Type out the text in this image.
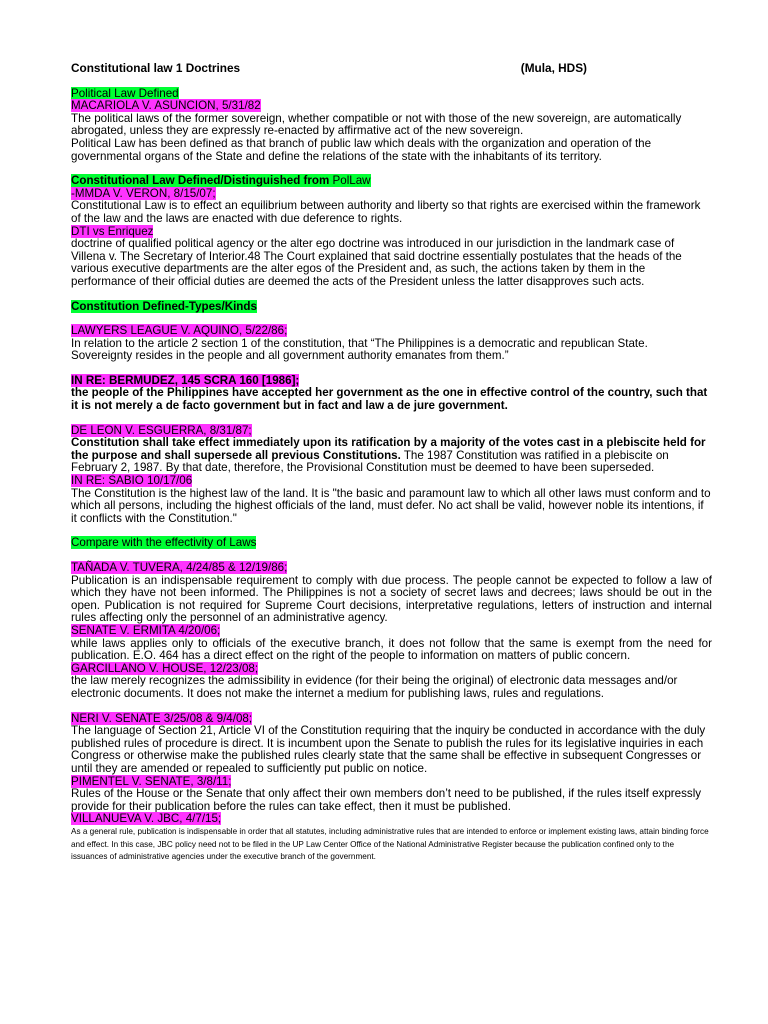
Constitutional law 1 Doctrines	(Mula, HDS)
Political Law Defined
MACARIOLA V. ASUNCION, 5/31/82

The political laws of the former sovereign, whether compatible or not with those of the new sovereign, are automatically abrogated, unless they are expressly re-enacted by affirmative act of the new sovereign.

Political Law has been defined as that branch of public law which deals with the organization and operation of the governmental organs of the State and define the relations of the state with the inhabitants of its territory.

Constitutional Law Defined/Distinguished from PolLaw
-MMDA V. VERON, 8/15/07;

Constitutional Law is to effect an equilibrium between authority and liberty so that rights are exercised within the framework of the law and the laws are enacted with due deference to rights.

DTI vs Enriquez

doctrine of qualified political agency or the alter ego doctrine was introduced in our jurisdiction in the landmark case of Villena v. The Secretary of Interior.48 The Court explained that said doctrine essentially postulates that the heads of the various executive departments are the alter egos of the President and, as such, the actions taken by them in the performance of their official duties are deemed the acts of the President unless the latter disapproves such acts.

Constitution Defined-Types/Kinds
LAWYERS LEAGUE V. AQUINO, 5/22/86;

In relation to the article 2 section 1 of the constitution, that “The Philippines is a democratic and republican State. Sovereignty resides in the people and all government authority emanates from them.”

IN RE: BERMUDEZ, 145 SCRA 160 [1986];

the people of the Philippines have accepted her government as the one in effective control of the country, such that it is not merely a de facto government but in fact and law a de jure government.

DE LEON V. ESGUERRA, 8/31/87;

Constitution shall take effect immediately upon its ratification by a majority of the votes cast in a plebiscite held for the purpose and shall supersede all previous Constitutions. The 1987 Constitution was ratified in a plebiscite on February 2, 1987. By that date, therefore, the Provisional Constitution must be deemed to have been superseded.

IN RE: SABIO 10/17/06

The Constitution is the highest law of the land. It is "the basic and paramount law to which all other laws must conform and to which all persons, including the highest officials of the land, must defer. No act shall be valid, however noble its intentions, if it conflicts with the Constitution."

Compare with the effectivity of Laws
TAÑADA V. TUVERA, 4/24/85 & 12/19/86;

Publication is an indispensable requirement to comply with due process. The people cannot be expected to follow a law of which they have not been informed. The Philippines is not a society of secret laws and decrees; laws should be out in the open. Publication is not required for Supreme Court decisions, interpretative regulations, letters of instruction and internal rules affecting only the personnel of an administrative agency.

SENATE V. ERMITA 4/20/06;

while laws applies only to officials of the executive branch, it does not follow that the same is exempt from the need for publication. E.O. 464 has a direct effect on the right of the people to information on matters of public concern.

GARCILLANO V. HOUSE, 12/23/08;

the law merely recognizes the admissibility in evidence (for their being the original) of electronic data messages and/or electronic documents. It does not make the internet a medium for publishing laws, rules and regulations.

NERI V. SENATE 3/25/08 & 9/4/08;

The language of Section 21, Article VI of the Constitution requiring that the inquiry be conducted in accordance with the duly published rules of procedure is direct. It is incumbent upon the Senate to publish the rules for its legislative inquiries in each Congress or otherwise make the published rules clearly state that the same shall be effective in subsequent Congresses or until they are amended or repealed to sufficiently put public on notice.

PIMENTEL V. SENATE, 3/8/11;

Rules of the House or the Senate that only affect their own members don’t need to be published, if the rules itself expressly provide for their publication before the rules can take effect, then it must be published.

VILLANUEVA V. JBC, 4/7/15;

As a general rule, publication is indispensable in order that all statutes, including administrative rules that are intended to enforce or implement existing laws, attain binding force and effect. In this case, JBC policy need not to be filed in the UP Law Center Office of the National Administrative Register because the publication confined only to the issuances of administrative agencies under the executive branch of the government.
